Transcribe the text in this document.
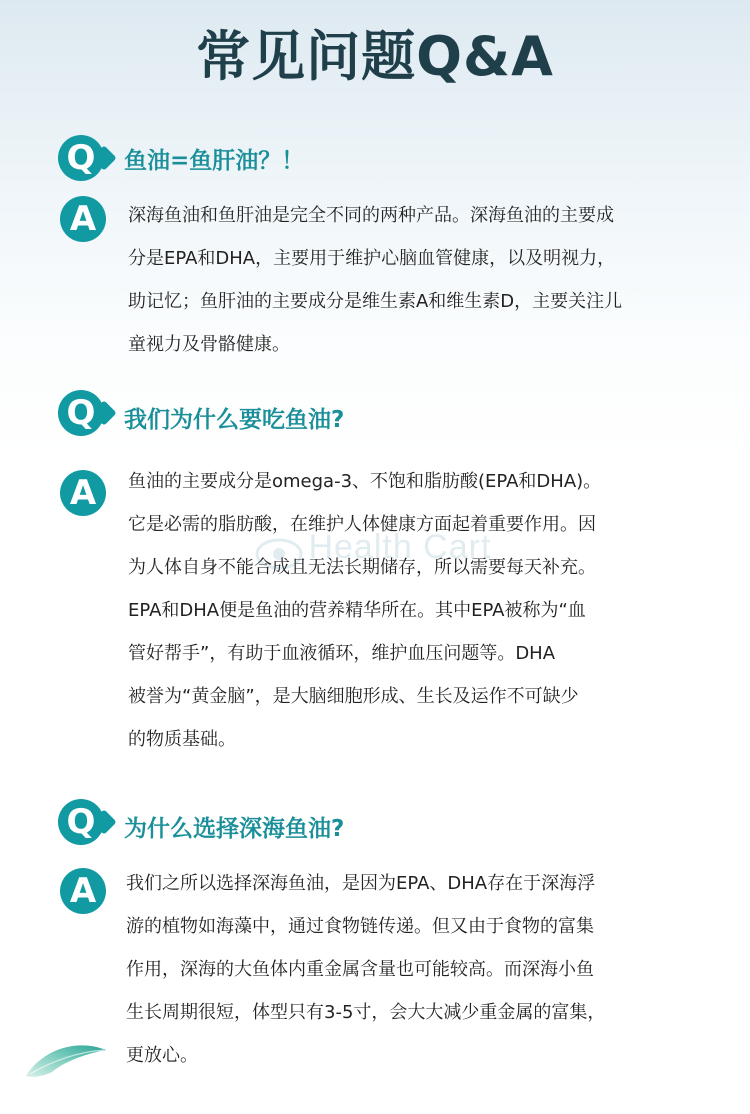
常见问题Q&A
Q	鱼油=鱼肝油？！
A	深海鱼油和鱼肝油是完全不同的两种产品。深海鱼油的主要成
分是EPA和DHA，主要用于维护心脑血管健康，以及明视力，
助记忆；鱼肝油的主要成分是维生素A和维生素D，主要关注儿
童视力及骨骼健康。
Q	我们为什么要吃鱼油?
A	鱼油的主要成分是omega-3、不饱和脂肪酸(EPA和DHA)。
它是必需的脂肪酸，在维护人体健康方面起着重要作用。因
为人体自身不能合成且无法长期储存，所以需要每天补充。
EPA和DHA便是鱼油的营养精华所在。其中EPA被称为“血
管好帮手”，有助于血液循环，维护血压问题等。DHA
被誉为“黄金脑”，是大脑细胞形成、生长及运作不可缺少
的物质基础。
Q	为什么选择深海鱼油?
A	我们之所以选择深海鱼油，是因为EPA、DHA存在于深海浮
游的植物如海藻中，通过食物链传递。但又由于食物的富集
作用，深海的大鱼体内重金属含量也可能较高。而深海小鱼
生长周期很短，体型只有3-5寸，会大大减少重金属的富集，
更放心。
Health Cart
